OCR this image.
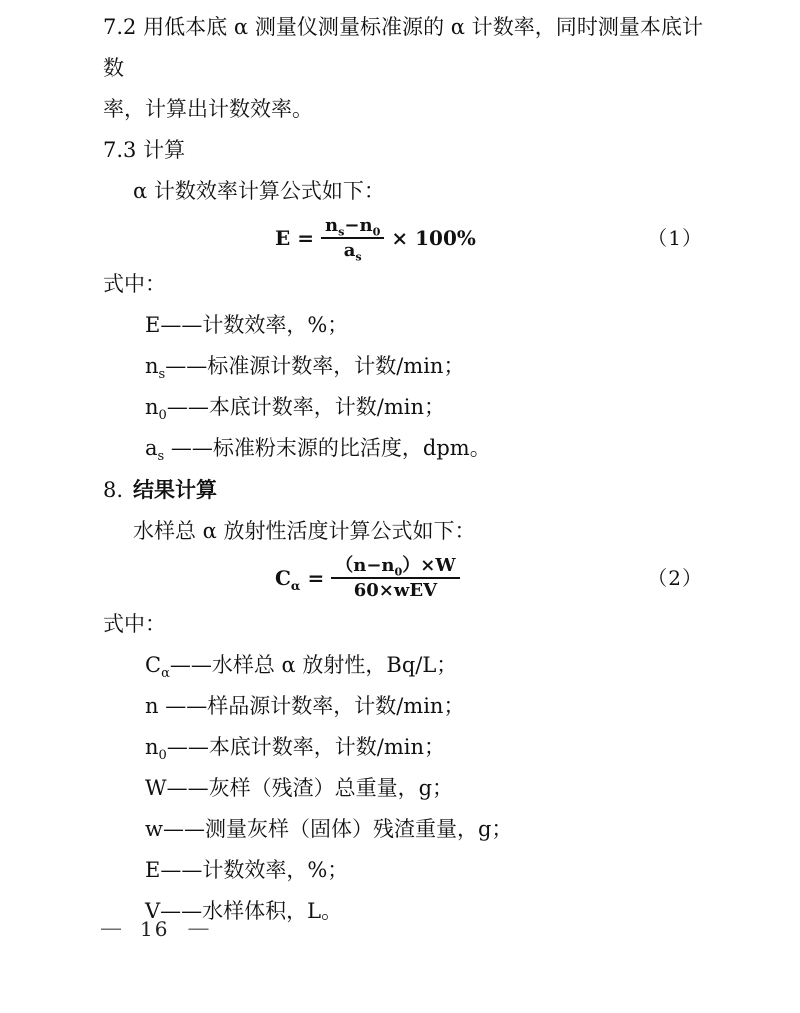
7.2 用低本底 α 测量仪测量标准源的 α 计数率，同时测量本底计数
率，计算出计数效率。

7.3 计算
α 计数效率计算公式如下：
$E = \frac{n_s-n_0}{a_s} \times 100\%$	（1）
式中：
E——计数效率，%；
$n_s——$标准源计数率，计数/min；
$n_0——$本底计数率，计数/min；
$a_s$ ——标准粉末源的比活度，dpm。
8. 结果计算
水样总 α 放射性活度计算公式如下：
$C_\alpha = \frac{(n-n_0)\times W}{\text{60×wEV}}$	（2）
式中：
$C_\alpha——$水样总 α 放射性，Bq/L；
n ——样品源计数率，计数/min；
$n_0——$本底计数率，计数/min；
W——灰样（残渣）总重量，g；
w——测量灰样（固体）残渣重量，g；
E——计数效率，%；
V——水样体积，L。
— 16 —
